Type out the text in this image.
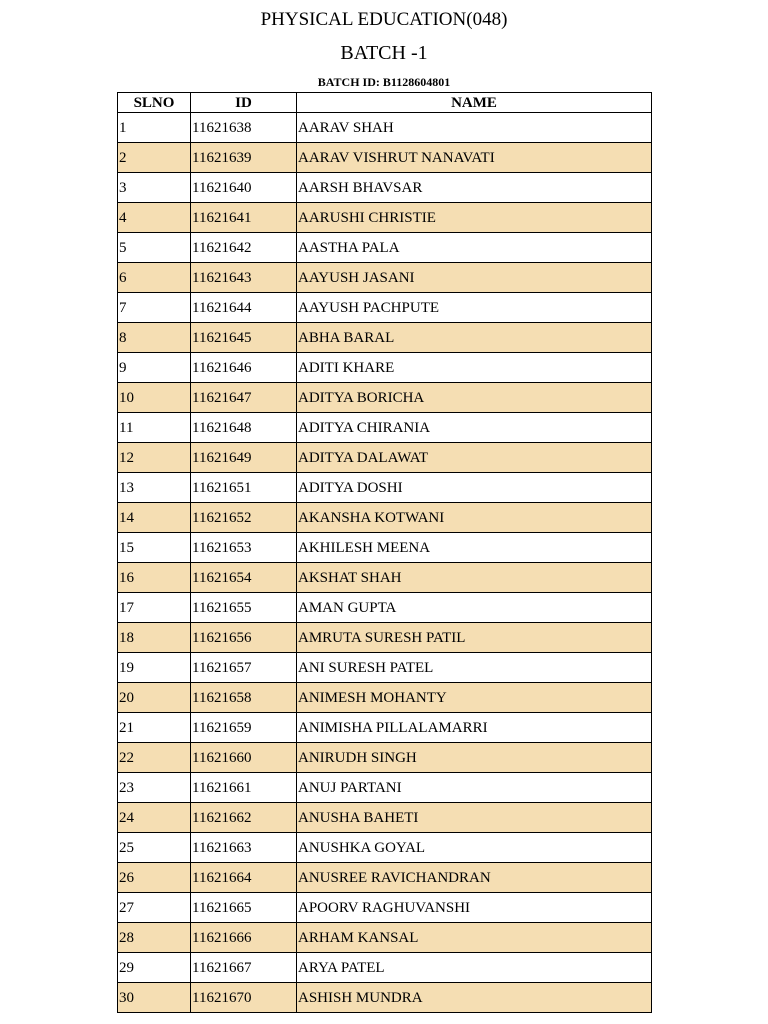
PHYSICAL EDUCATION(048)
BATCH -1
BATCH ID: B1128604801
SLNO	ID	NAME
1	11621638	AARAV SHAH
2	11621639	AARAV VISHRUT NANAVATI
3	11621640	AARSH BHAVSAR
4	11621641	AARUSHI CHRISTIE
5	11621642	AASTHA PALA
6	11621643	AAYUSH JASANI
7	11621644	AAYUSH PACHPUTE
8	11621645	ABHA BARAL
9	11621646	ADITI KHARE
10	11621647	ADITYA BORICHA
11	11621648	ADITYA CHIRANIA
12	11621649	ADITYA DALAWAT
13	11621651	ADITYA DOSHI
14	11621652	AKANSHA KOTWANI
15	11621653	AKHILESH MEENA
16	11621654	AKSHAT SHAH
17	11621655	AMAN GUPTA
18	11621656	AMRUTA SURESH PATIL
19	11621657	ANI SURESH PATEL
20	11621658	ANIMESH MOHANTY
21	11621659	ANIMISHA PILLALAMARRI
22	11621660	ANIRUDH SINGH
23	11621661	ANUJ PARTANI
24	11621662	ANUSHA BAHETI
25	11621663	ANUSHKA GOYAL
26	11621664	ANUSREE RAVICHANDRAN
27	11621665	APOORV RAGHUVANSHI
28	11621666	ARHAM KANSAL
29	11621667	ARYA PATEL
30	11621670	ASHISH MUNDRA
